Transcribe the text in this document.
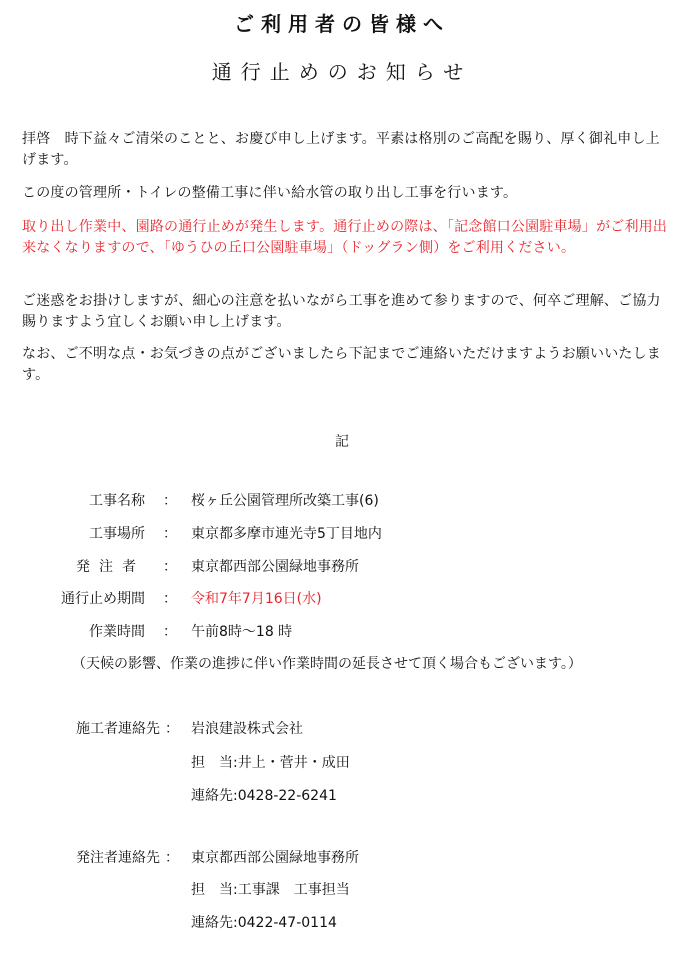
ご利用者の皆様へ
通行止めのお知らせ

拝啓　時下益々ご清栄のことと、お慶び申し上げます。平素は格別のご高配を賜り、厚く御礼申し上げます。

この度の管理所・トイレの整備工事に伴い給水管の取り出し工事を行います。

取り出し作業中、園路の通行止めが発生します。通行止めの際は、「記念館口公園駐車場」がご利用出来なくなりますので、「ゆうひの丘口公園駐車場」（ドッグラン側）をご利用ください。

ご迷惑をお掛けしますが、細心の注意を払いながら工事を進めて参りますので、何卒ご理解、ご協力賜りますよう宜しくお願い申し上げます。

なお、ご不明な点・お気づきの点がございましたら下記までご連絡いただけますようお願いいたします。

記
工事名称 ： 桜ヶ丘公園管理所改築工事(6)
工事場所 ： 東京都多摩市連光寺5丁目地内
発注者 ： 東京都西部公園緑地事務所
通行止め期間 ： 令和7年7月16日(水)
作業時間 ： 午前8時～18 時
（天候の影響、作業の進捗に伴い作業時間の延長させて頂く場合もございます。）
施工者連絡先 ： 岩浪建設株式会社
担　当:井上・菅井・成田
連絡先:0428-22-6241
発注者連絡先 ： 東京都西部公園緑地事務所
担　当:工事課　工事担当
連絡先:0422-47-0114
